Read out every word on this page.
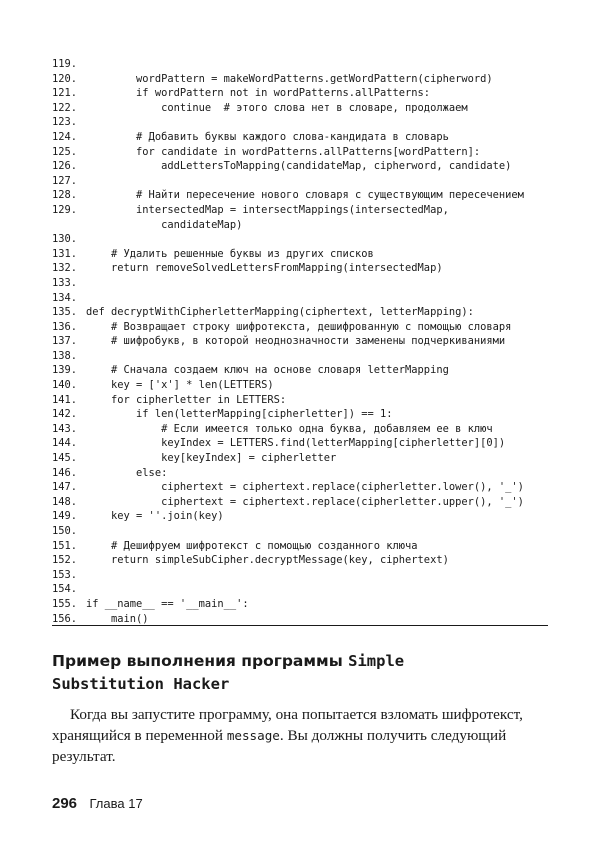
119.
120. wordPattern = makeWordPatterns.getWordPattern(cipherword)
121. if wordPattern not in wordPatterns.allPatterns:
122. continue  # этого слова нет в словаре, продолжаем
123.
124. # Добавить буквы каждого слова-кандидата в словарь
125. for candidate in wordPatterns.allPatterns[wordPattern]:
126. addLettersToMapping(candidateMap, cipherword, candidate)
127.
128. # Найти пересечение нового словаря с существующим пересечением
129. intersectedMap = intersectMappings(intersectedMap,
candidateMap)
130.
131. # Удалить решенные буквы из других списков
132. return removeSolvedLettersFromMapping(intersectedMap)
133.
134.
135. def decryptWithCipherletterMapping(ciphertext, letterMapping):
136. # Возвращает строку шифротекста, дешифрованную с помощью словаря
137. # шифробукв, в которой неоднозначности заменены подчеркиваниями
138.
139. # Сначала создаем ключ на основе словаря letterMapping
140. key = ['x'] * len(LETTERS)
141. for cipherletter in LETTERS:
142. if len(letterMapping[cipherletter]) == 1:
143. # Если имеется только одна буква, добавляем ее в ключ
144. keyIndex = LETTERS.find(letterMapping[cipherletter][0])
145. key[keyIndex] = cipherletter
146. else:
147. ciphertext = ciphertext.replace(cipherletter.lower(), '_')
148. ciphertext = ciphertext.replace(cipherletter.upper(), '_')
149. key = ''.join(key)
150.
151. # Дешифруем шифротекст с помощью созданного ключа
152. return simpleSubCipher.decryptMessage(key, ciphertext)
153.
154.
155. if __name__ == '__main__':
156. main()
Пример выполнения программы Simple
Substitution Hacker

Когда вы запустите программу, она попытается взломать шифротекст, хранящийся в переменной message. Вы должны получить следующий результат.

296 Глава 17
